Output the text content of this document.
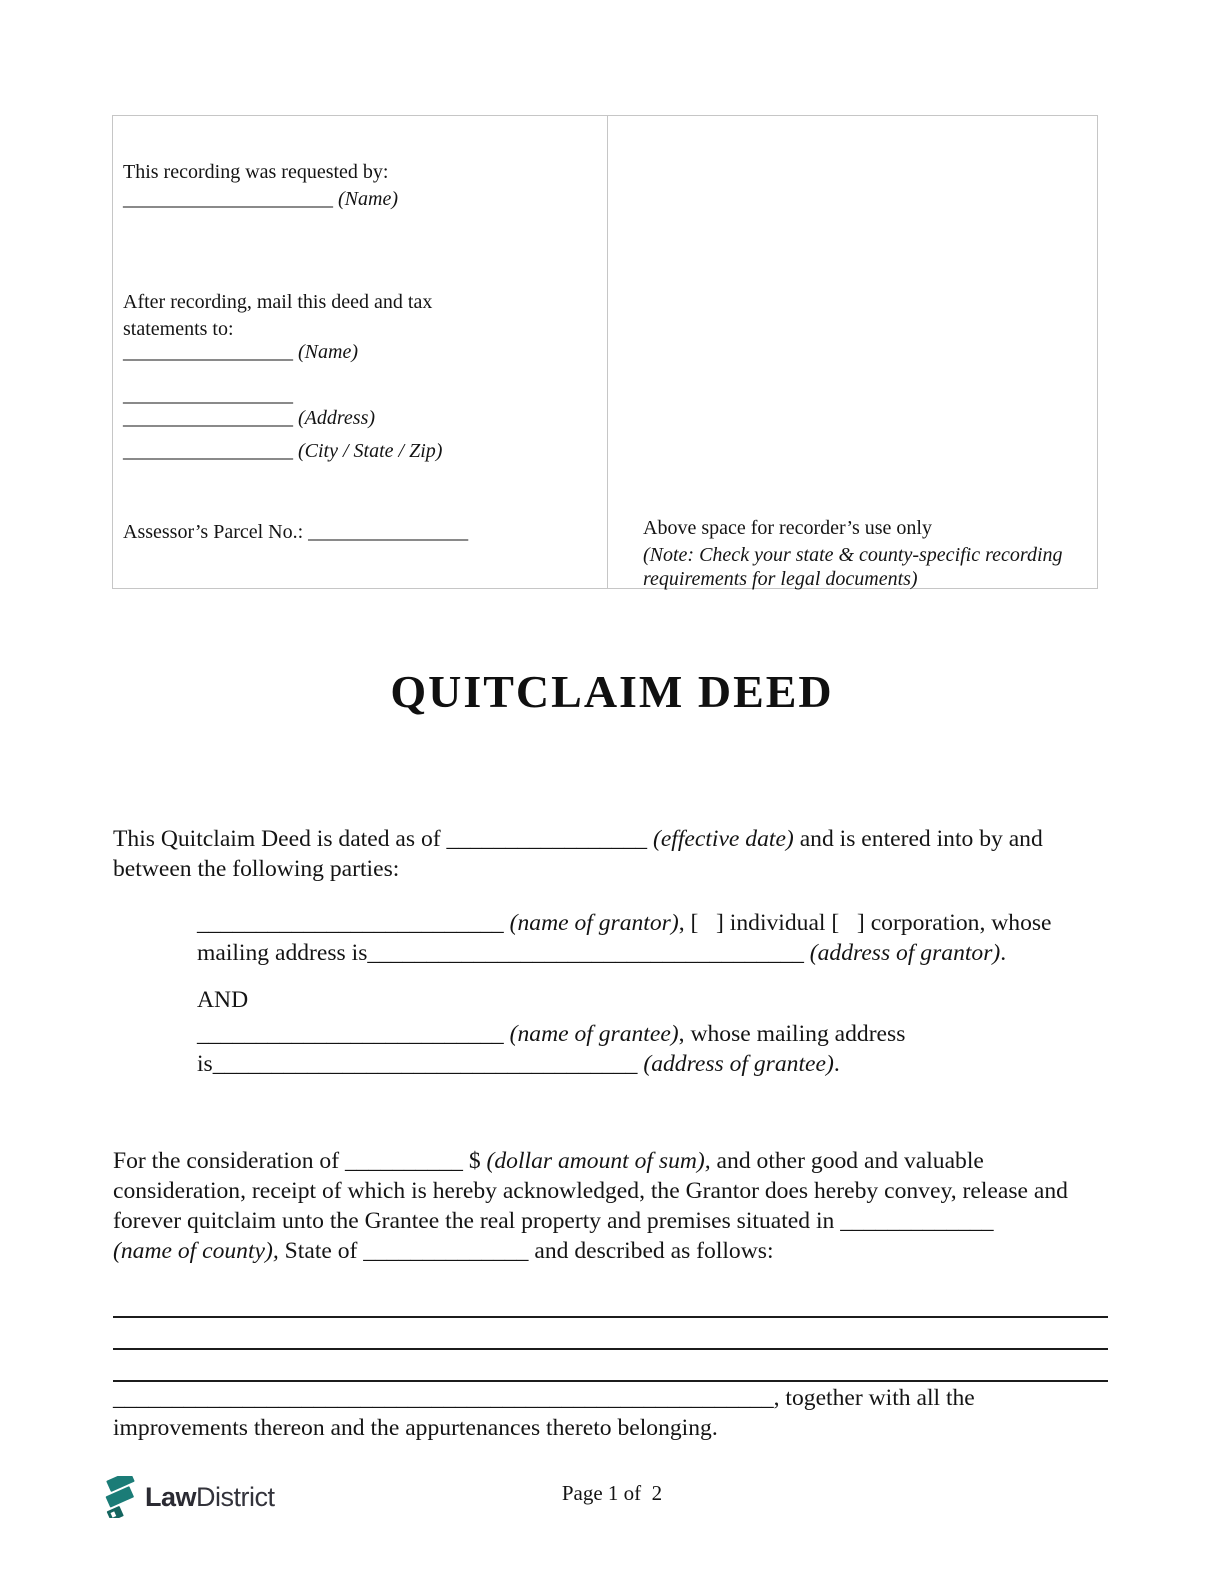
This recording was requested by:
_____________________ (Name)
After recording, mail this deed and tax
statements to:
_________________ (Name)
_________________
_________________ (Address)
_________________ (City / State / Zip)
Assessor’s Parcel No.: ________________	Above space for recorder’s use only
(Note: Check your state & county-specific recording
requirements for legal documents)
QUITCLAIM DEED
This Quitclaim Deed is dated as of _________________ (effective date) and is entered into by and
between the following parties:
__________________________ (name of grantor), [   ] individual [   ] corporation, whose
mailing address is_____________________________________ (address of grantor).
AND
__________________________ (name of grantee), whose mailing address
is____________________________________ (address of grantee).
For the consideration of __________ $ (dollar amount of sum), and other good and valuable
consideration, receipt of which is hereby acknowledged, the Grantor does hereby convey, release and
forever quitclaim unto the Grantee the real property and premises situated in _____________
(name of county), State of ______________ and described as follows:
________________________________________________________, together with all the
improvements thereon and the appurtenances thereto belonging.
LawDistrict	Page 1 of  2
